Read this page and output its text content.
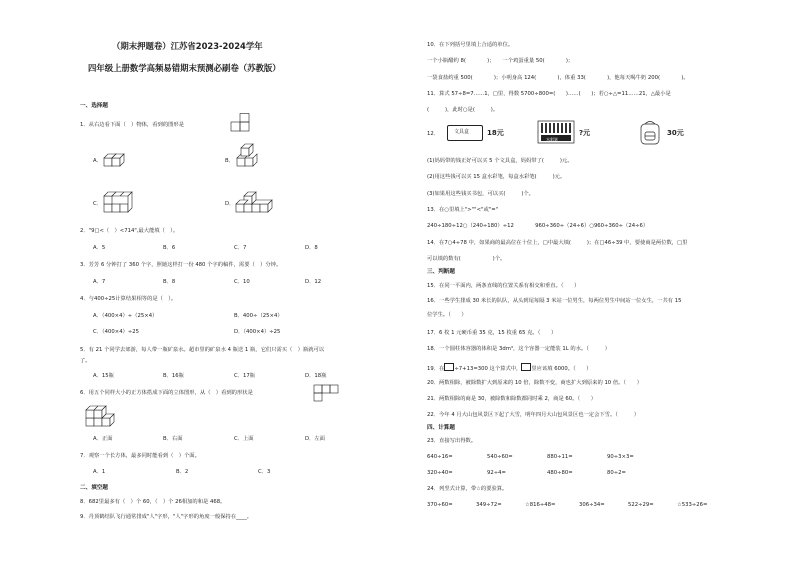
（期末押题卷）江苏省2023-2024学年
四年级上册数学高频易错期末预测必刷卷（苏教版）
一、选择题
1．从右边看下面（　）物体，看到的图形是
A．	B．
C．	D．
2．"9□<（　）<714",最大能填（　）。
A．5	B．6	C．7	D．8
3．芳芳 6 分钟打了 360 个字，照她这样打一份 480 个字的稿件，需要（　）分钟。
A．7	B．8	C．10	D．12
4．与400÷25计算结果相等的是（　）。
A．（400×4）÷（25×4）	B．400÷（25×4）
C．（400×4）÷25	D．（400×4）÷25
5．有 21 个同学去郊游，每人带一瓶矿泉水。超市里的矿泉水 4 瓶送 1 瓶，它们只需买（　）瓶就可以
了。
A．15瓶	B．16瓶	C．17瓶	D．18瓶
6．用五个同样大小的正方体搭成下面的立体图形，从（　）看到的形状是
A．正面	B．右面	C．上面	D．左面
7．观察一个长方体，最多同时能看到（　）个面。
A．1	B．2	C．3
二、填空题
8．682里最多有（　）个 60，（　）个 26相加的和是 468。
9．丹顶鹤结队飞行通常排成"人"字形，"人"字形的角度一般保持在____。
10．在下列括号里填上合适的单位。
一个小瓶醋约 8(　　　　)；　　一个鸡蛋重量 50(　　　　)；
一袋食盐约重 500(　　　　)；小明身高 124(　　　　)，体重 33(　　　　)，他每天喝牛奶 200(　　　　)。
11．算式 57÷8=7……1，□里，得数 5700÷800=(　　)……(　　)；若○÷△=11……21，△最小是
(　　　)，此时○是(　　　)。
12．	文具盒	18元
水彩笔
?元	30元
(1)妈妈带的钱正好可以买 5 个文具盒，妈妈带了(　　　)元。
(2)用这些钱可以买 15 盒水彩笔，每盒水彩笔(　　　)元。
(3)如果用这些钱买书包，可以买(　　　)个。
13．在○里填上">""<"或"="
240÷180÷12○（240÷180）÷12　　　　960÷360÷（24÷6）○960÷360÷（24÷6）
14．在7○4÷78 中，如果商的最高位在十位上，□中最大填(　　　)；在□46÷39 中，要使商是两位数，□里
可以填的数有(　　　　　　)个。
三、判断题
15．在同一平面内，两条直线的位置关系有相交和垂直。（　　）
16．一些学生排成 30 米长的队队，从头到尾每隔 3 米站一位男生，每两位男生中间站一位女生，一共有 15
位学生。（　　）
17．6 枚 1 元硬币重 35 克，15 枚重 65 克。（　　）
18．一个圆柱体容器的体积是 3dm³，这个容器一定能装 1L 的水。（　　　）
19．在 ÷7+13=300 这个算式中， 里应该填 6000。（　　）
20．两数相除，被除数扩大到原来的 10 倍，除数不变，商也扩大到原来的 10 倍。（　　）
21．两数相除的商是 30，被除数和除数都同时乘 2，商是 60。（　　）
22．今年 4 月大山包风景区下起了大雪，明年四月大山包风景区也一定会下雪。（　　　）
四、计算题
23．直接写出得数。
640÷16=	540÷60=	880÷11=	90÷3×3=
320÷40=	92÷4=	480÷80=	80÷2=
24．列竖式计算，带☆的要验算。
370÷60=	349÷72=	☆816÷48=	306÷34=	522÷29=	☆533÷26=
